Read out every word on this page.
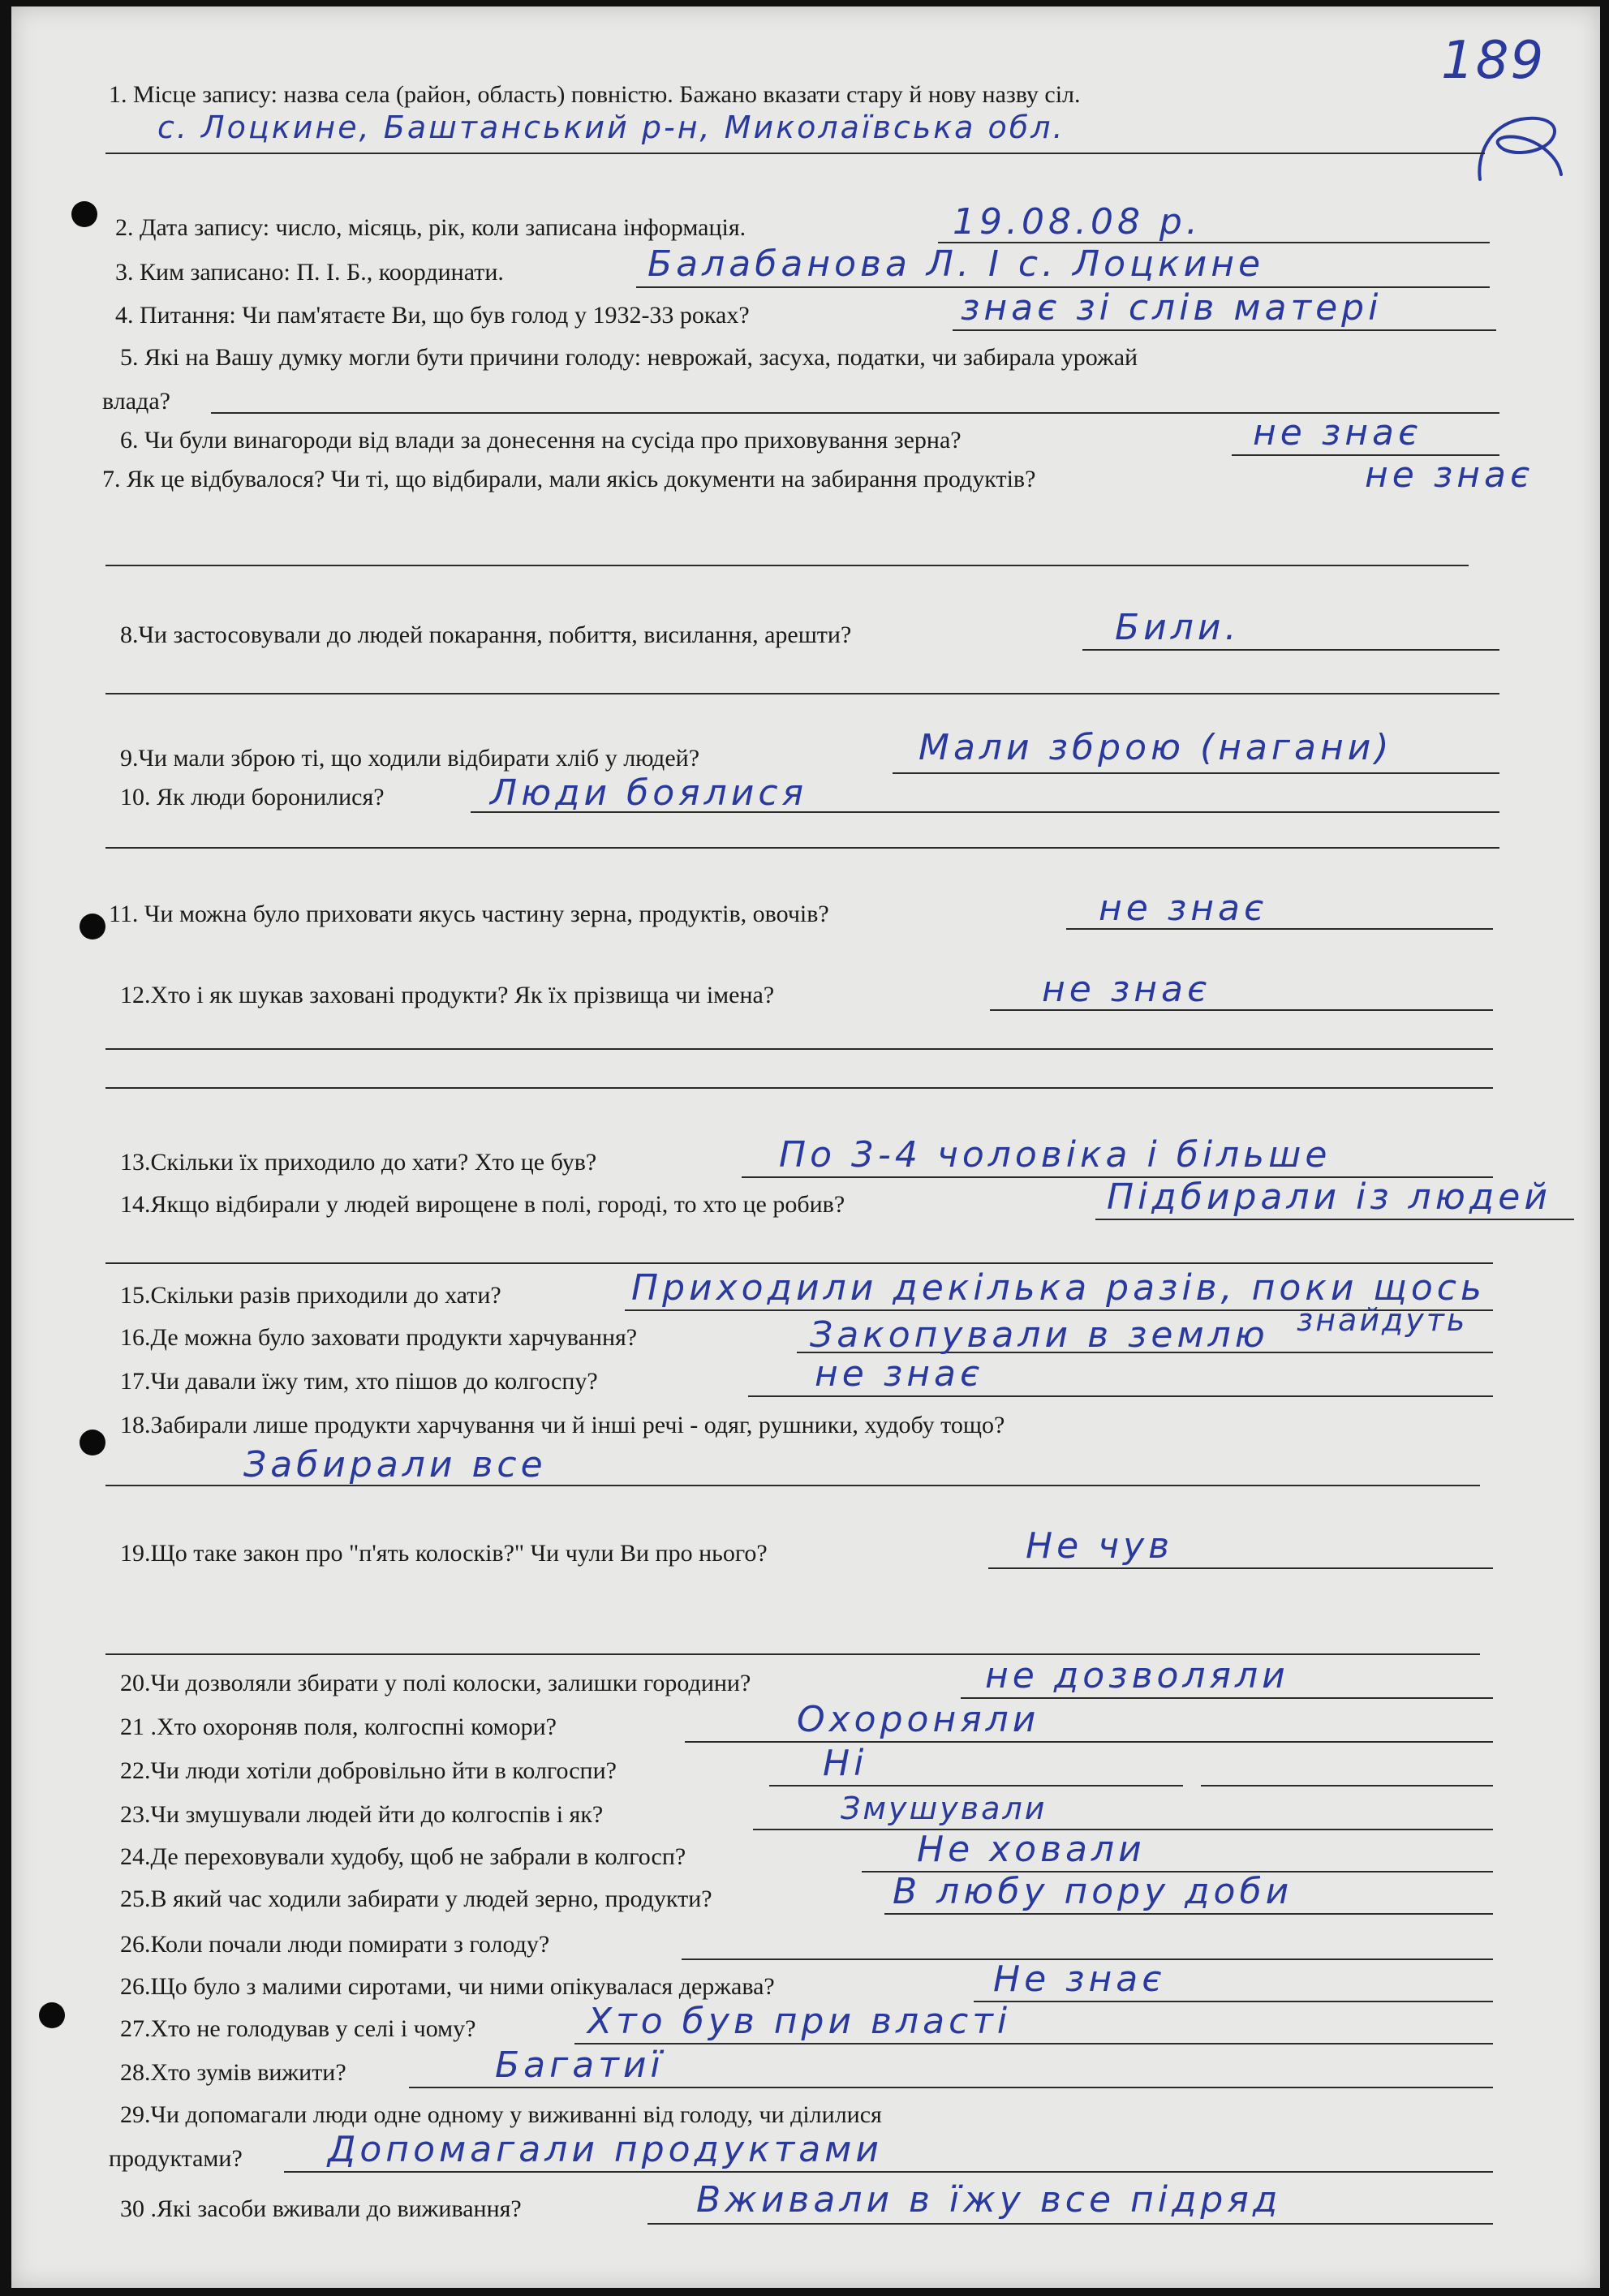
189
1. Місце запису: назва села (район, область) повністю. Бажано вказати стару й нову назву сіл.
с. Лоцкине, Баштанський р-н, Миколаївська обл.
2. Дата запису: число, місяць, рік, коли записана інформація.	19.08.08 р.
3. Ким записано: П. І. Б., координати.	Балабанова Л. І с. Лоцкине
4. Питання: Чи пам'ятаєте Ви, що був голод у 1932-33 роках?	знає зі слів матері
5. Які на Вашу думку могли бути причини голоду: неврожай, засуха, податки, чи забирала урожай
влада?
6. Чи були винагороди від влади за донесення на сусіда про приховування зерна?	не знає
7. Як це відбувалося? Чи ті, що відбирали, мали якісь документи на забирання продуктів?	не знає
8.Чи застосовували до людей покарання, побиття, висилання, арешти?	Били.
9.Чи мали зброю ті, що ходили відбирати хліб у людей?	Мали зброю (нагани)
10. Як люди боронилися?	Люди боялися
11. Чи можна було приховати якусь частину зерна, продуктів, овочів?	не знає
12.Хто і як шукав заховані продукти? Як їх прізвища чи імена?	не знає
13.Скільки їх приходило до хати? Хто це був?	По 3-4 чоловіка і більше
14.Якщо відбирали у людей вирощене в полі, городі, то хто це робив?	Підбирали із людей
15.Скільки разів приходили до хати?	Приходили декілька разів, поки щось
знайдуть
16.Де можна було заховати продукти харчування?	Закопували в землю
17.Чи давали їжу тим, хто пішов до колгоспу?	не знає
18.Забирали лише продукти харчування чи й інші речі - одяг, рушники, худобу тощо?
Забирали все
19.Що таке закон про "п'ять колосків?" Чи чули Ви про нього?	Не чув
20.Чи дозволяли збирати у полі колоски, залишки городини?	не дозволяли
21 .Хто охороняв поля, колгоспні комори?	Охороняли
22.Чи люди хотіли добровільно йти в колгоспи?	Ні
23.Чи змушували людей йти до колгоспів і як?	Змушували
24.Де переховували худобу, щоб не забрали в колгосп?	Не ховали
25.В який час ходили забирати у людей зерно, продукти?	В любу пору доби
26.Коли почали люди помирати з голоду?
26.Що було з малими сиротами, чи ними опікувалася держава?	Не знає
27.Хто не голодував у селі і чому?	Хто був при власті
28.Хто зумів вижити?	Багатиї
29.Чи допомагали люди одне одному у виживанні від голоду, чи ділилися
продуктами? Допомагали продуктами
30 .Які засоби вживали до виживання?	Вживали в їжу все підряд
